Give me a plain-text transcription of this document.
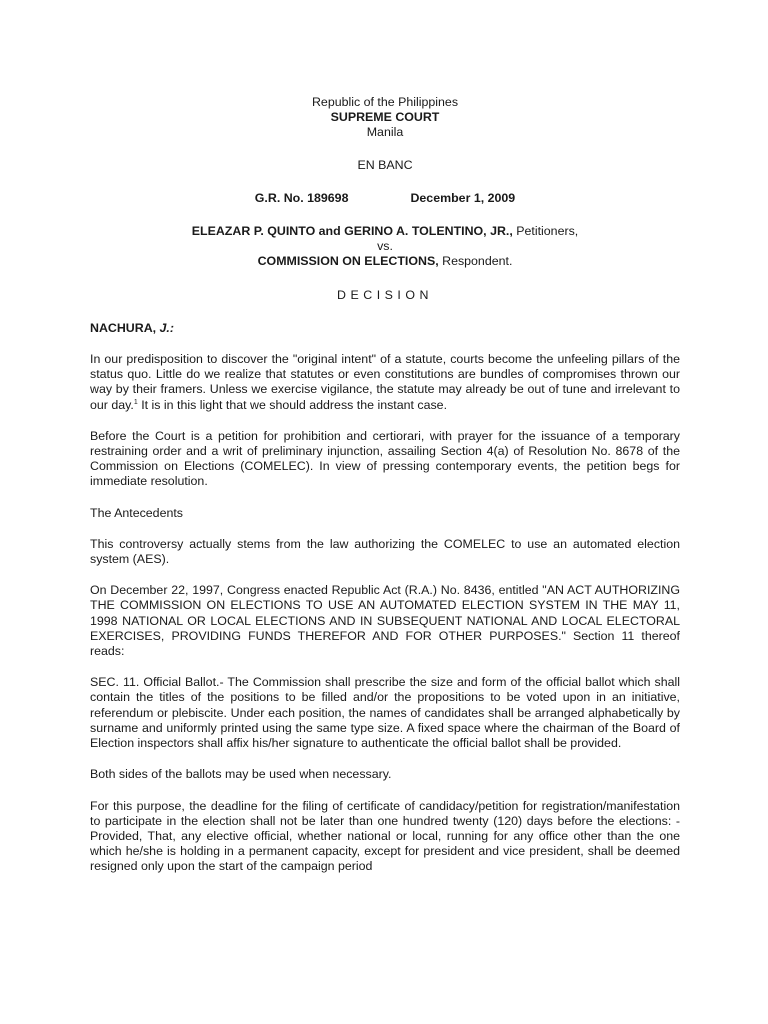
Republic of the Philippines
SUPREME COURT
Manila
EN BANC
G.R. No. 189698	December 1, 2009
ELEAZAR P. QUINTO and GERINO A. TOLENTINO, JR., Petitioners,
vs.
COMMISSION ON ELECTIONS, Respondent.
DECISION
NACHURA, J.:

In our predisposition to discover the "original intent" of a statute, courts become the unfeeling pillars of the status quo. Little do we realize that statutes or even constitutions are bundles of compromises thrown our way by their framers. Unless we exercise vigilance, the statute may already be out of tune and irrelevant to our day.$^1$ It is in this light that we should address the instant case.

Before the Court is a petition for prohibition and certiorari, with prayer for the issuance of a temporary restraining order and a writ of preliminary injunction, assailing Section 4(a) of Resolution No. 8678 of the Commission on Elections (COMELEC). In view of pressing contemporary events, the petition begs for immediate resolution.

The Antecedents

This controversy actually stems from the law authorizing the COMELEC to use an automated election system (AES).

On December 22, 1997, Congress enacted Republic Act (R.A.) No. 8436, entitled "AN ACT AUTHORIZING THE COMMISSION ON ELECTIONS TO USE AN AUTOMATED ELECTION SYSTEM IN THE MAY 11, 1998 NATIONAL OR LOCAL ELECTIONS AND IN SUBSEQUENT NATIONAL AND LOCAL ELECTORAL EXERCISES, PROVIDING FUNDS THEREFOR AND FOR OTHER PURPOSES." Section 11 thereof reads:

SEC. 11. Official Ballot.- The Commission shall prescribe the size and form of the official ballot which shall contain the titles of the positions to be filled and/or the propositions to be voted upon in an initiative, referendum or plebiscite. Under each position, the names of candidates shall be arranged alphabetically by surname and uniformly printed using the same type size. A fixed space where the chairman of the Board of Election inspectors shall affix his/her signature to authenticate the official ballot shall be provided.

Both sides of the ballots may be used when necessary.

For this purpose, the deadline for the filing of certificate of candidacy/petition for registration/manifestation to participate in the election shall not be later than one hundred twenty (120) days before the elections: - Provided, That, any elective official, whether national or local, running for any office other than the one which he/she is holding in a permanent capacity, except for president and vice president, shall be deemed resigned only upon the start of the campaign period
